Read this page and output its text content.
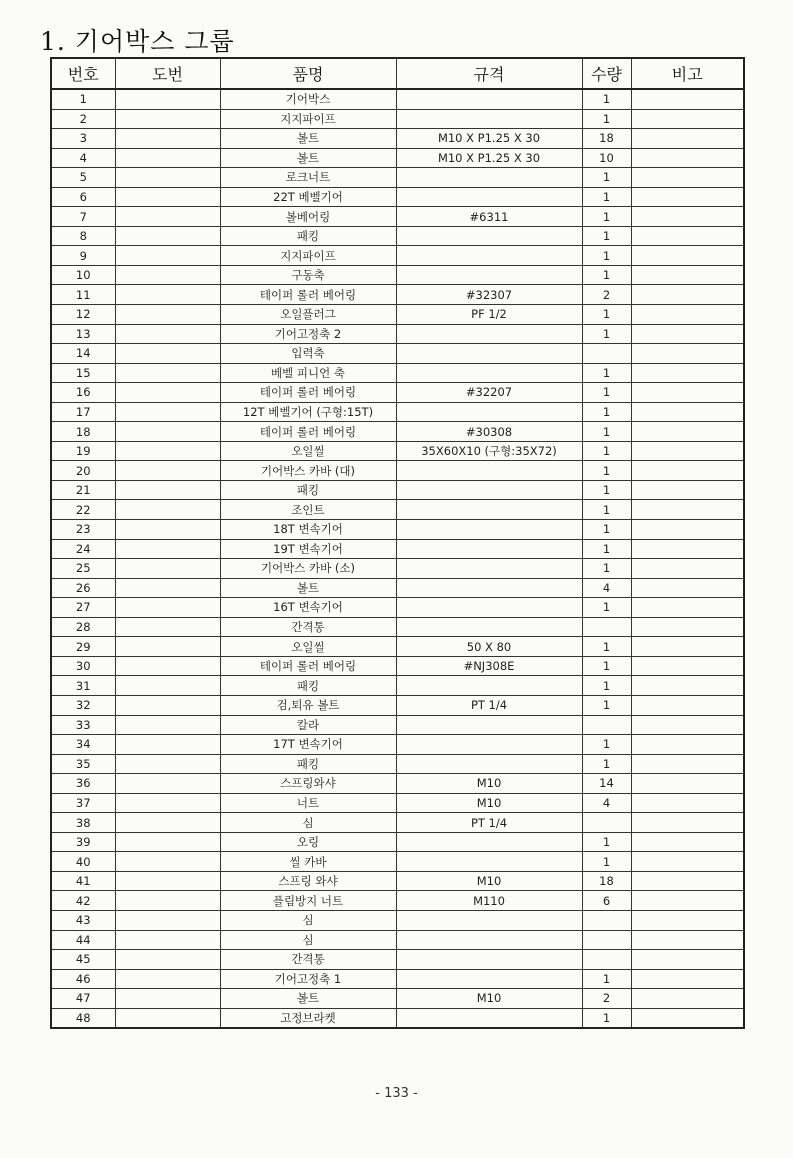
1. 기어박스 그룹
번호	도번	품명	규격	수량	비고
1		기어박스		1	
2		지지파이프		1	
3		볼트	M10 X P1.25 X 30	18	
4		볼트	M10 X P1.25 X 30	10	
5		로크너트		1	
6		22T 베벨기어		1	
7		볼베어링	#6311	1	
8		패킹		1	
9		지지파이프		1	
10		구동축		1	
11		테이퍼 롤러 베어링	#32307	2	
12		오일플러그	PF 1/2	1	
13		기어고정축 2		1	
14		입력축			
15		베벨 피니언 축		1	
16		테이퍼 롤러 베어링	#32207	1	
17		12T 베벨기어 (구형:15T)		1	
18		테이퍼 롤러 베어링	#30308	1	
19		오일씰	35X60X10 (구형:35X72)	1	
20		기어박스 카바 (대)		1	
21		패킹		1	
22		조인트		1	
23		18T 변속기어		1	
24		19T 변속기어		1	
25		기어박스 카바 (소)		1	
26		볼트		4	
27		16T 변속기어		1	
28		간격통			
29		오일씰	50 X 80	1	
30		테이퍼 롤러 베어링	#NJ308E	1	
31		패킹		1	
32		검,퇴유 볼트	PT 1/4	1	
33		칼라			
34		17T 변속기어		1	
35		패킹		1	
36		스프링와샤	M10	14	
37		너트	M10	4	
38		심	PT 1/4		
39		오링		1	
40		씰 카바		1	
41		스프링 와샤	M10	18	
42		플림방지 너트	M110	6	
43		심			
44		심			
45		간격통			
46		기어고정축 1		1	
47		볼트	M10	2	
48		고정브라켓		1	
- 133 -
